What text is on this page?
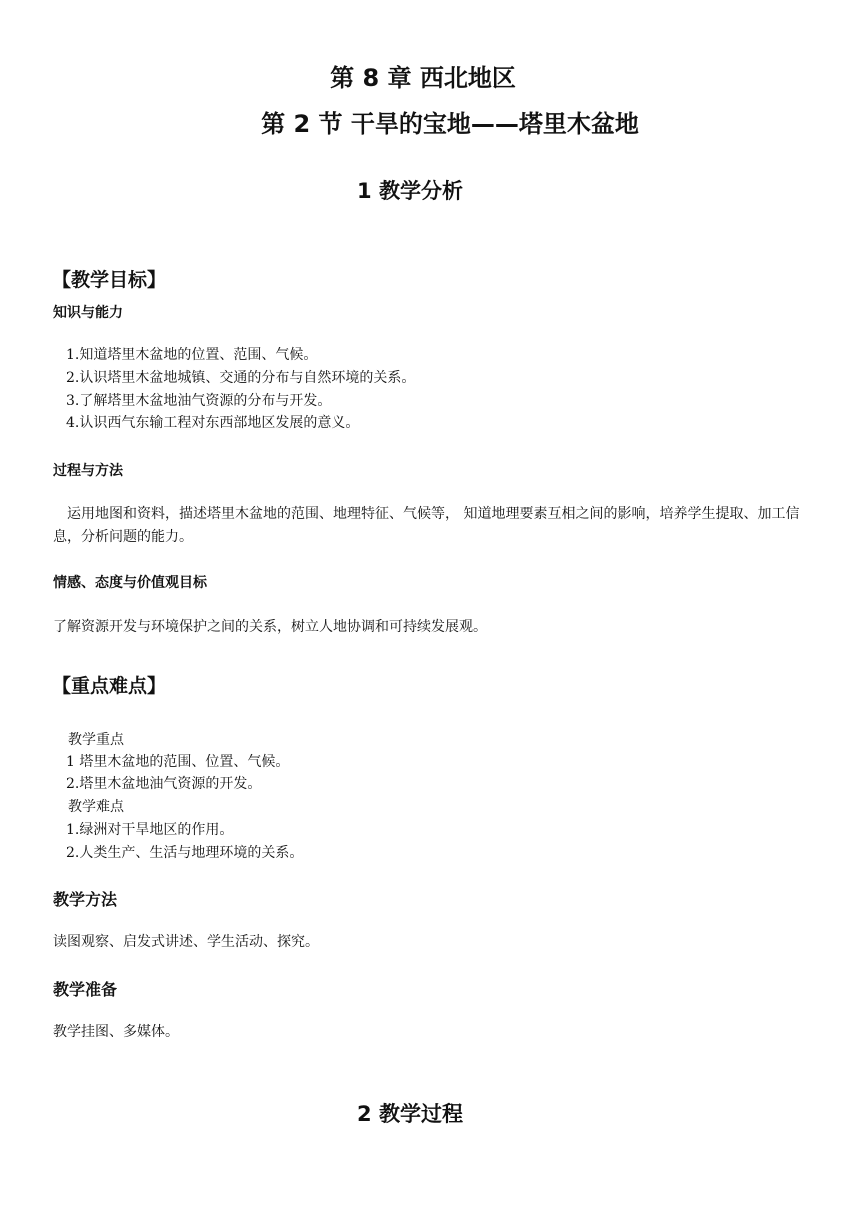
第 8 章 西北地区
第 2 节 干旱的宝地——塔里木盆地
1 教学分析
【教学目标】
知识与能力
1.知道塔里木盆地的位置、范围、气候。
2.认识塔里木盆地城镇、交通的分布与自然环境的关系。
3.了解塔里木盆地油气资源的分布与开发。
4.认识西气东输工程对东西部地区发展的意义。
过程与方法
运用地图和资料，描述塔里木盆地的范围、地理特征、气候等， 知道地理要素互相之间的影响，培养学生提取、加工信息，分析问题的能力。
情感、态度与价值观目标
了解资源开发与环境保护之间的关系，树立人地协调和可持续发展观。
【重点难点】
教学重点
1 塔里木盆地的范围、位置、气候。
2.塔里木盆地油气资源的开发。
教学难点
1.绿洲对干旱地区的作用。
2.人类生产、生活与地理环境的关系。
教学方法
读图观察、启发式讲述、学生活动、探究。
教学准备
教学挂图、多媒体。
2 教学过程
